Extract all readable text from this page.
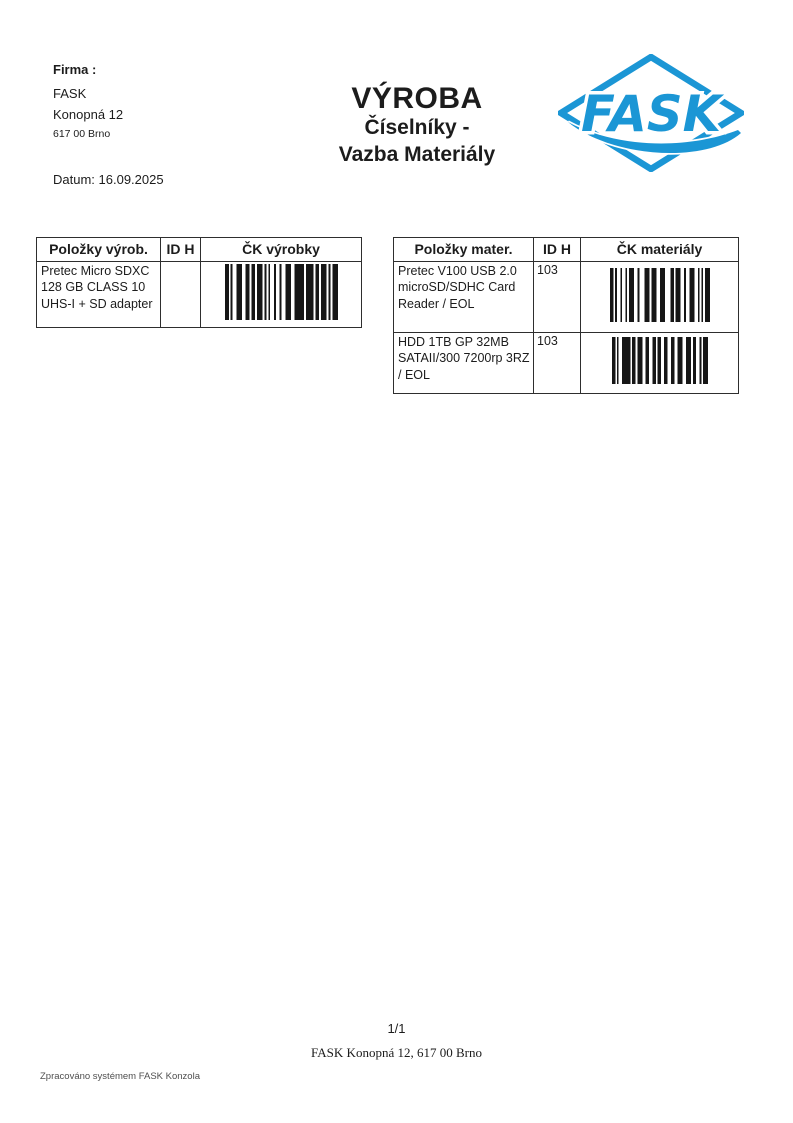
Firma :
FASK
Konopná 12
617 00 Brno
Datum: 16.09.2025
VÝROBA
Číselníky -
Vazba Materiály
FASK
Položky výrob.	ID H	ČK výrobky
Pretec Micro SDXC 128 GB CLASS 10 UHS-I + SD adapter		
Položky mater.	ID H	ČK materiály
Pretec V100 USB 2.0 microSD/SDHC Card Reader / EOL	103	
HDD 1TB GP 32MB SATAII/300 7200rp 3RZ / EOL	103	
1/1
FASK Konopná 12, 617 00 Brno
Zpracováno systémem FASK Konzola
